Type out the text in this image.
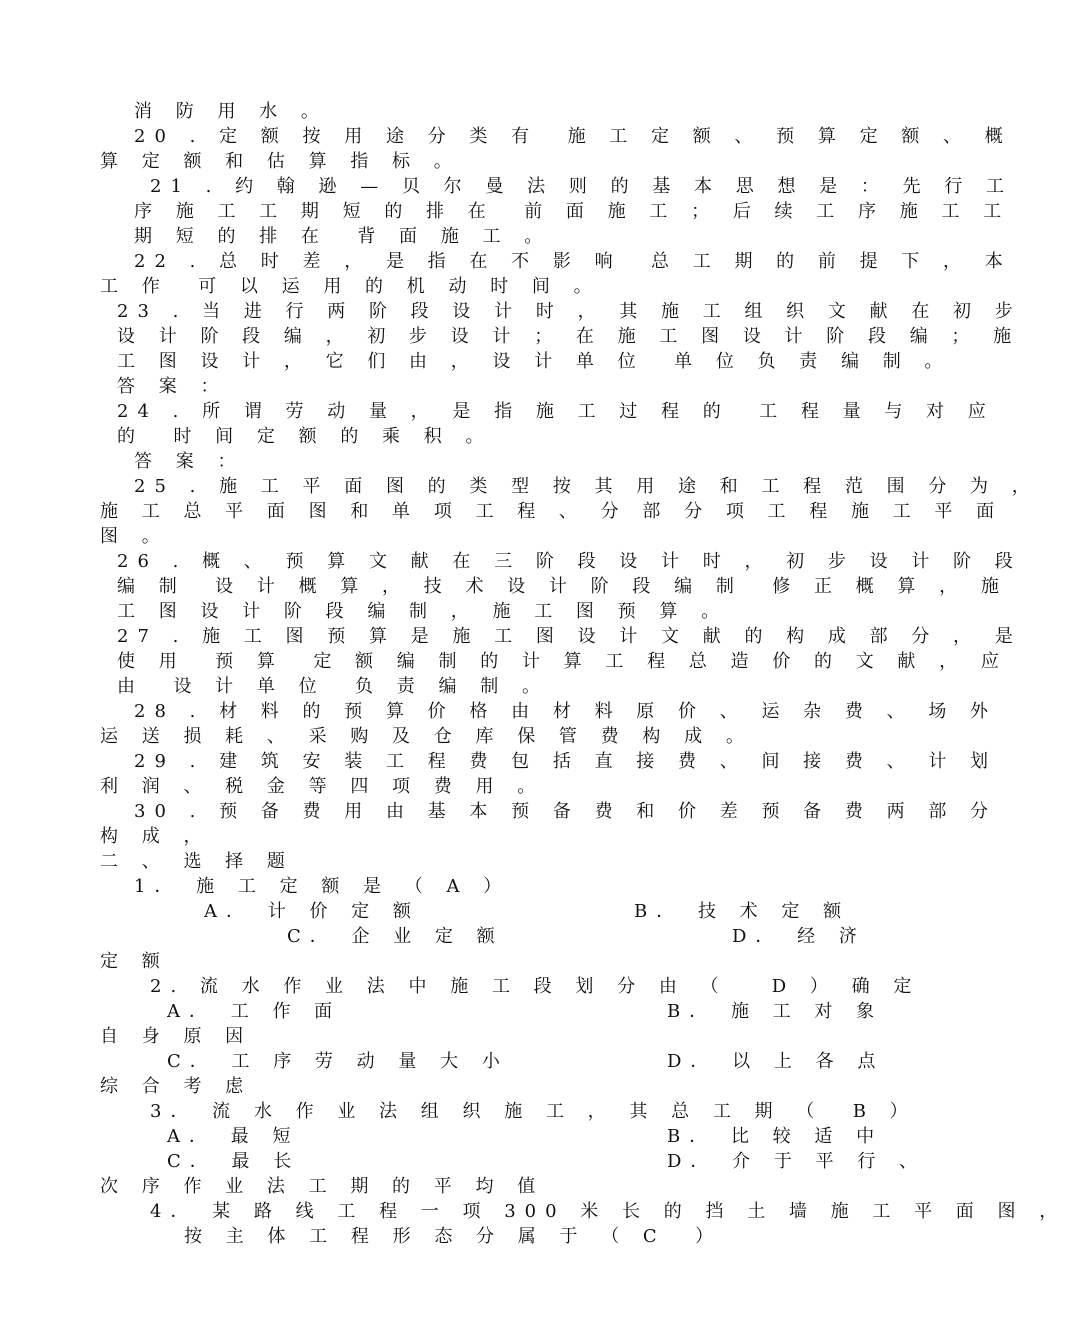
消 防 用 水 。
20 . 定 额 按 用 途 分 类 有  施 工 定 额 、 预 算 定 额 、 概
算 定 额 和 估 算 指 标 。
21 . 约 翰 逊 — 贝 尔 曼 法 则 的 基 本 思 想 是 ： 先 行 工
序 施 工 工 期 短 的 排 在  前 面 施 工 ； 后 续 工 序 施 工 工
期 短 的 排 在  背 面 施 工 。
22 . 总 时 差 ， 是 指 在 不 影 响  总 工 期 的 前 提 下 ， 本
工 作  可 以 运 用 的 机 动 时 间 。
23 . 当 进 行 两 阶 段 设 计 时 ， 其 施 工 组 织 文 献 在 初 步
设 计 阶 段 编 ， 初 步 设 计 ； 在 施 工 图 设 计 阶 段 编 ； 施
工 图 设 计 ， 它 们 由 ， 设 计 单 位  单 位 负 责 编 制 。
答 案 ：
24 . 所 谓 劳 动 量 ， 是 指 施 工 过 程 的  工 程 量 与 对 应
的  时 间 定 额 的 乘 积 。
答 案 ：
25 . 施 工 平 面 图 的 类 型 按 其 用 途 和 工 程 范 围 分 为 ，
施 工 总 平 面 图 和 单 项 工 程 、 分 部 分 项 工 程 施 工 平 面
图 。
26 . 概 、 预 算 文 献 在 三 阶 段 设 计 时 ， 初 步 设 计 阶 段
编 制  设 计 概 算 ， 技 术 设 计 阶 段 编 制  修 正 概 算 ， 施
工 图 设 计 阶 段 编 制 ， 施 工 图 预 算 。
27 . 施 工 图 预 算 是 施 工 图 设 计 文 献 的 构 成 部 分 ， 是
使 用  预 算  定 额 编 制 的 计 算 工 程 总 造 价 的 文 献 ， 应
由  设 计 单 位  负 责 编 制 。
28 . 材 料 的 预 算 价 格 由 材 料 原 价 、 运 杂 费 、 场 外
运 送 损 耗 、 采 购 及 仓 库 保 管 费 构 成 。
29 . 建 筑 安 装 工 程 费 包 括 直 接 费 、 间 接 费 、 计 划
利 润 、 税 金 等 四 项 费 用 。
30 . 预 备 费 用 由 基 本 预 备 费 和 价 差 预 备 费 两 部 分
构 成 ，
二 、 选 择 题
1． 施 工 定 额 是 （ A ）
A． 计 价 定 额	B． 技 术 定 额
C． 企 业 定 额	D． 经 济
定 额
2. 流 水 作 业 法 中 施 工 段 划 分 由 （   D ） 确 定
A． 工 作 面	B． 施 工 对 象
自 身 原 因
C． 工 序 劳 动 量 大 小	D． 以 上 各 点
综 合 考 虑
3． 流 水 作 业 法 组 织 施 工 ， 其 总 工 期 （  B ）
A． 最 短	B． 比 较 适 中
C． 最 长	D． 介 于 平 行 、
次 序 作 业 法 工 期 的 平 均 值
4． 某 路 线 工 程 一 项 300 米 长 的 挡 土 墙 施 工 平 面 图 ，
按 主 体 工 程 形 态 分 属 于 （ C  ）
